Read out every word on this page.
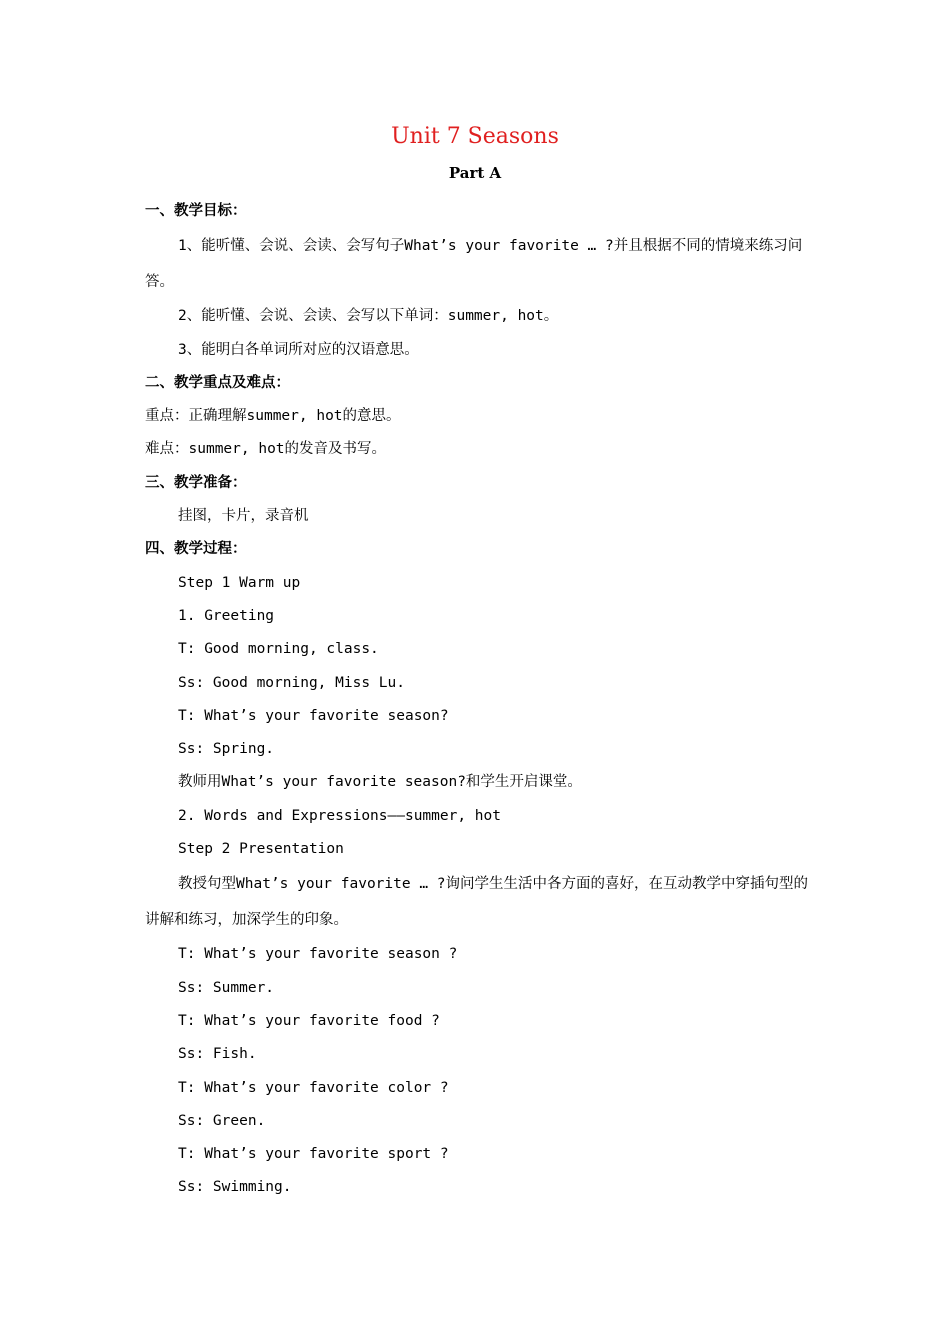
Unit 7 Seasons
Part A
一、教学目标：
1、能听懂、会说、会读、会写句子What’s your favorite … ?并且根据不同的情境来练习问答。
2、能听懂、会说、会读、会写以下单词：summer, hot。
3、能明白各单词所对应的汉语意思。
二、教学重点及难点：
重点：正确理解summer, hot的意思。
难点：summer, hot的发音及书写。
三、教学准备：
挂图，卡片，录音机
四、教学过程：
Step 1 Warm up
1. Greeting
T: Good morning, class.
Ss: Good morning, Miss Lu.
T: What’s your favorite season?
Ss: Spring.
教师用What’s your favorite season?和学生开启课堂。
2. Words and Expressions——summer, hot
Step 2 Presentation
教授句型What’s your favorite … ?询问学生生活中各方面的喜好，在互动教学中穿插句型的讲解和练习，加深学生的印象。
T: What’s your favorite season ?
Ss: Summer.
T: What’s your favorite food ?
Ss: Fish.
T: What’s your favorite color ?
Ss: Green.
T: What’s your favorite sport ?
Ss: Swimming.
